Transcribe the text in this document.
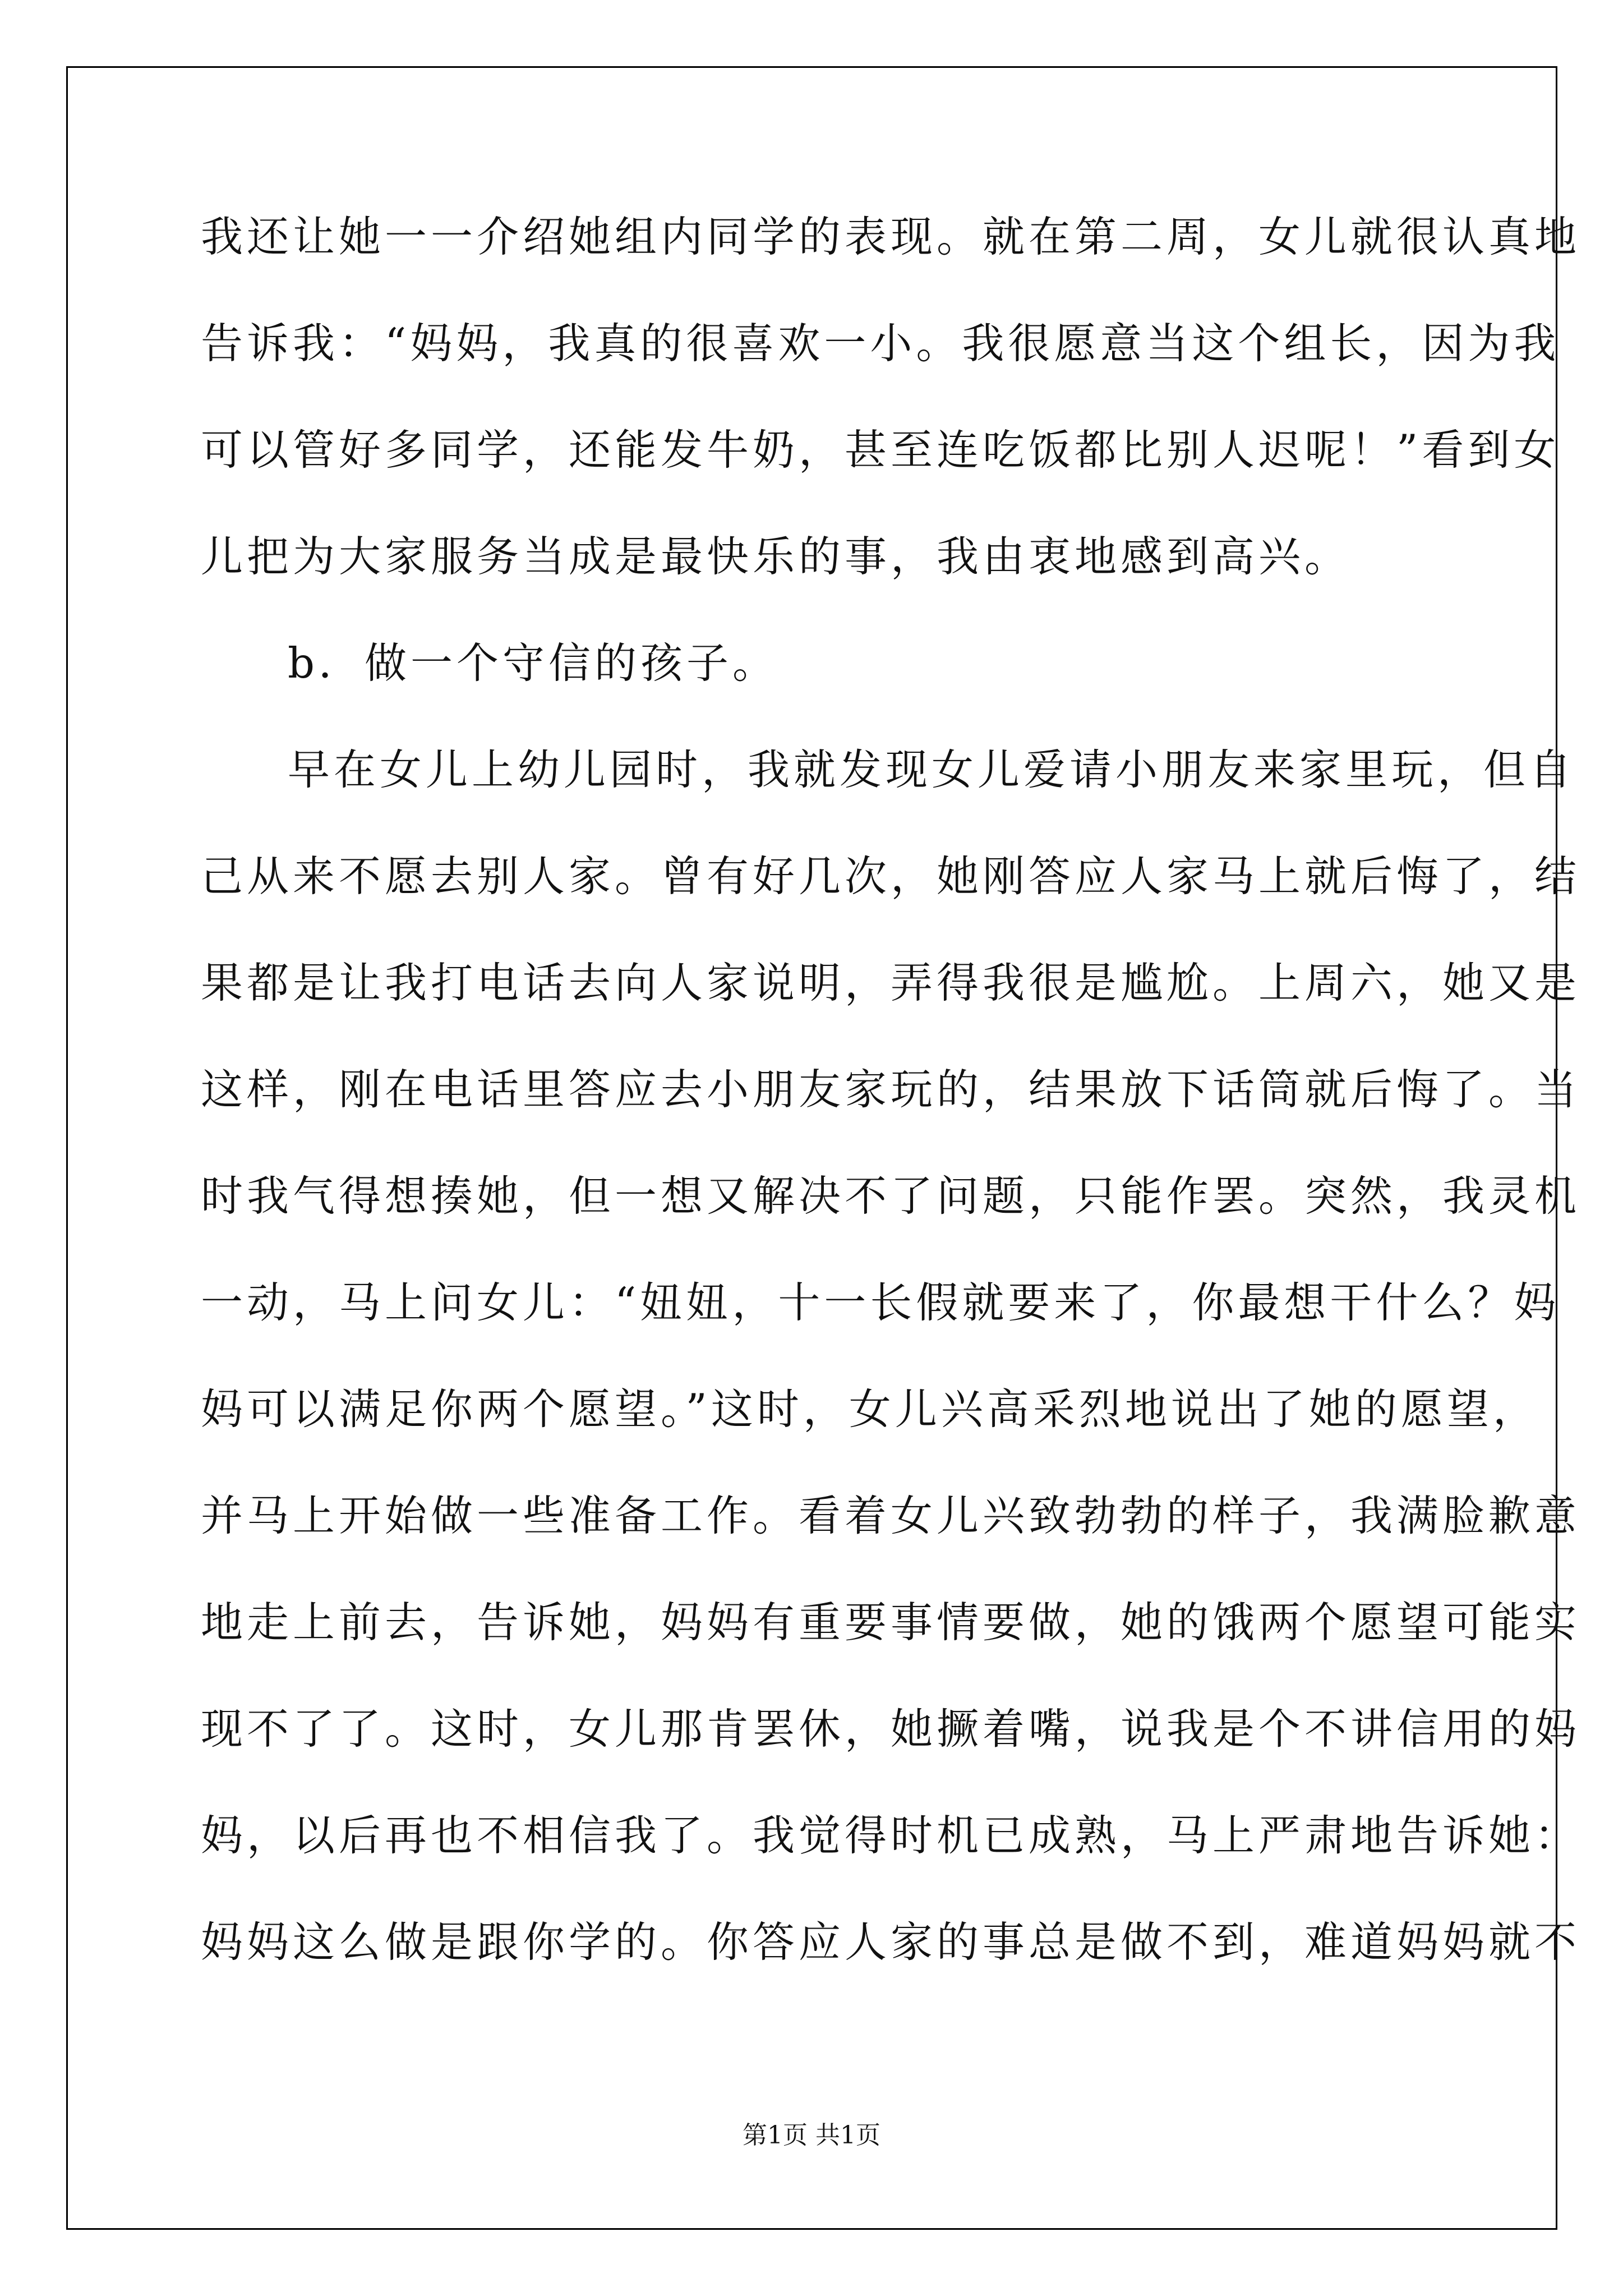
我还让她一一介绍她组内同学的表现。就在第二周，女儿就很认真地
告诉我：“妈妈，我真的很喜欢一小。我很愿意当这个组长，因为我
可以管好多同学，还能发牛奶，甚至连吃饭都比别人迟呢！”看到女
儿把为大家服务当成是最快乐的事，我由衷地感到高兴。
b．做一个守信的孩子。
早在女儿上幼儿园时，我就发现女儿爱请小朋友来家里玩，但自
己从来不愿去别人家。曾有好几次，她刚答应人家马上就后悔了，结
果都是让我打电话去向人家说明，弄得我很是尴尬。上周六，她又是
这样，刚在电话里答应去小朋友家玩的，结果放下话筒就后悔了。当
时我气得想揍她，但一想又解决不了问题，只能作罢。突然，我灵机
一动，马上问女儿：“妞妞，十一长假就要来了，你最想干什么？妈
妈可以满足你两个愿望。”这时，女儿兴高采烈地说出了她的愿望，
并马上开始做一些准备工作。看着女儿兴致勃勃的样子，我满脸歉意
地走上前去，告诉她，妈妈有重要事情要做，她的饿两个愿望可能实
现不了了。这时，女儿那肯罢休，她撅着嘴，说我是个不讲信用的妈
妈，以后再也不相信我了。我觉得时机已成熟，马上严肃地告诉她：
妈妈这么做是跟你学的。你答应人家的事总是做不到，难道妈妈就不
第1页 共1页
